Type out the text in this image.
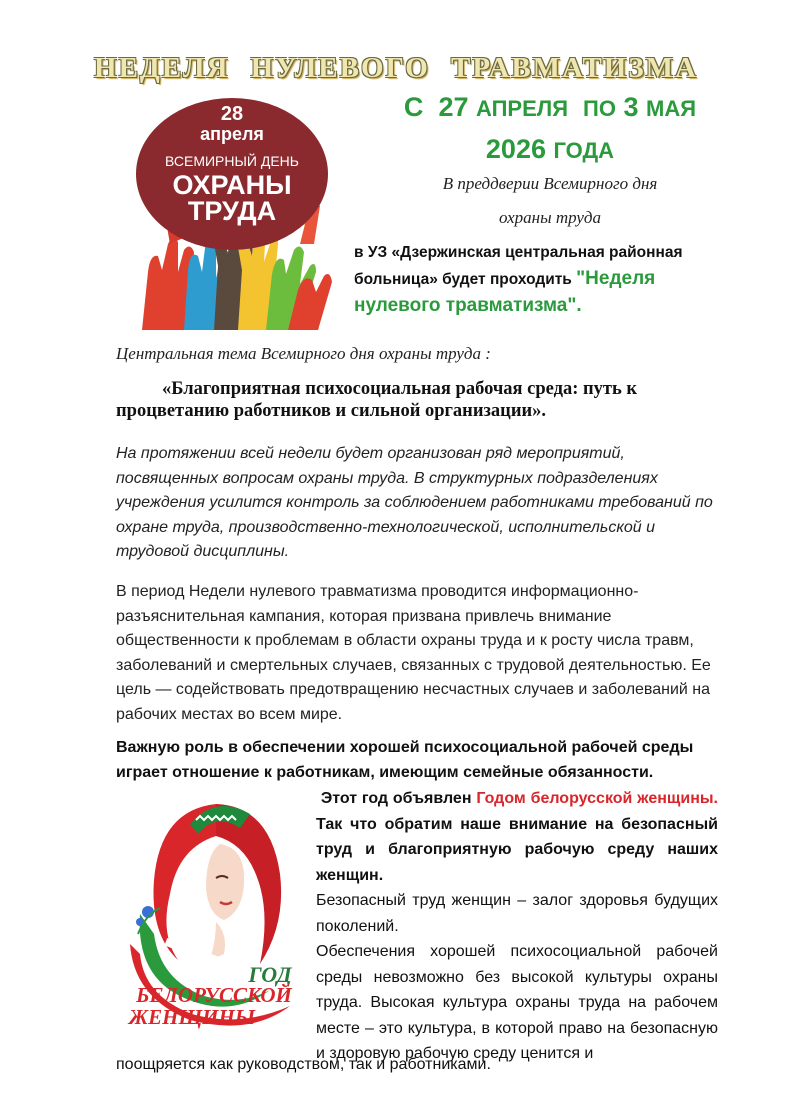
НЕДЕЛЯ НУЛЕВОГО ТРАВМАТИЗМА
С 27 АПРЕЛЯ ПО 3 МАЯ
2026 ГОДА
В преддверии Всемирного дня
охраны труда
в УЗ «Дзержинская центральная районная больница» будет проходить "Неделя нулевого травматизма".
28
апреля
ВСЕМИРНЫЙ ДЕНЬ
ОХРАНЫ
ТРУДА
Центральная тема Всемирного дня охраны труда :
«Благоприятная психосоциальная рабочая среда: путь к процветанию работников и сильной организации».
На протяжении всей недели будет организован ряд мероприятий, посвященных вопросам охраны труда. В структурных подразделениях учреждения усилится контроль за соблюдением работниками требований по охране труда, производственно-технологической, исполнительской и трудовой дисциплины.
В период Недели нулевого травматизма проводится информационно-разъяснительная кампания, которая призвана привлечь внимание общественности к проблемам в области охраны труда и к росту числа травм, заболеваний и смертельных случаев, связанных с трудовой деятельностью. Ее цель — содействовать предотвращению несчастных случаев и заболеваний на рабочих местах во всем мире.
Важную роль в обеспечении хорошей психосоциальной рабочей среды играет отношение к работникам, имеющим семейные обязанности.
ГОД
БЕЛОРУССКОЙ
ЖЕНЩИНЫ

Этот год объявлен Годом белорусской женщины. Так что обратим наше внимание на безопасный труд и благоприятную рабочую среду наших женщин.

Безопасный труд женщин – залог здоровья будущих поколений.

Обеспечения хорошей психосоциальной рабочей среды невозможно без высокой культуры охраны труда. Высокая культура охраны труда на рабочем месте – это культура, в которой право на безопасную и здоровую рабочую среду ценится и

поощряется как руководством, так и работниками.
